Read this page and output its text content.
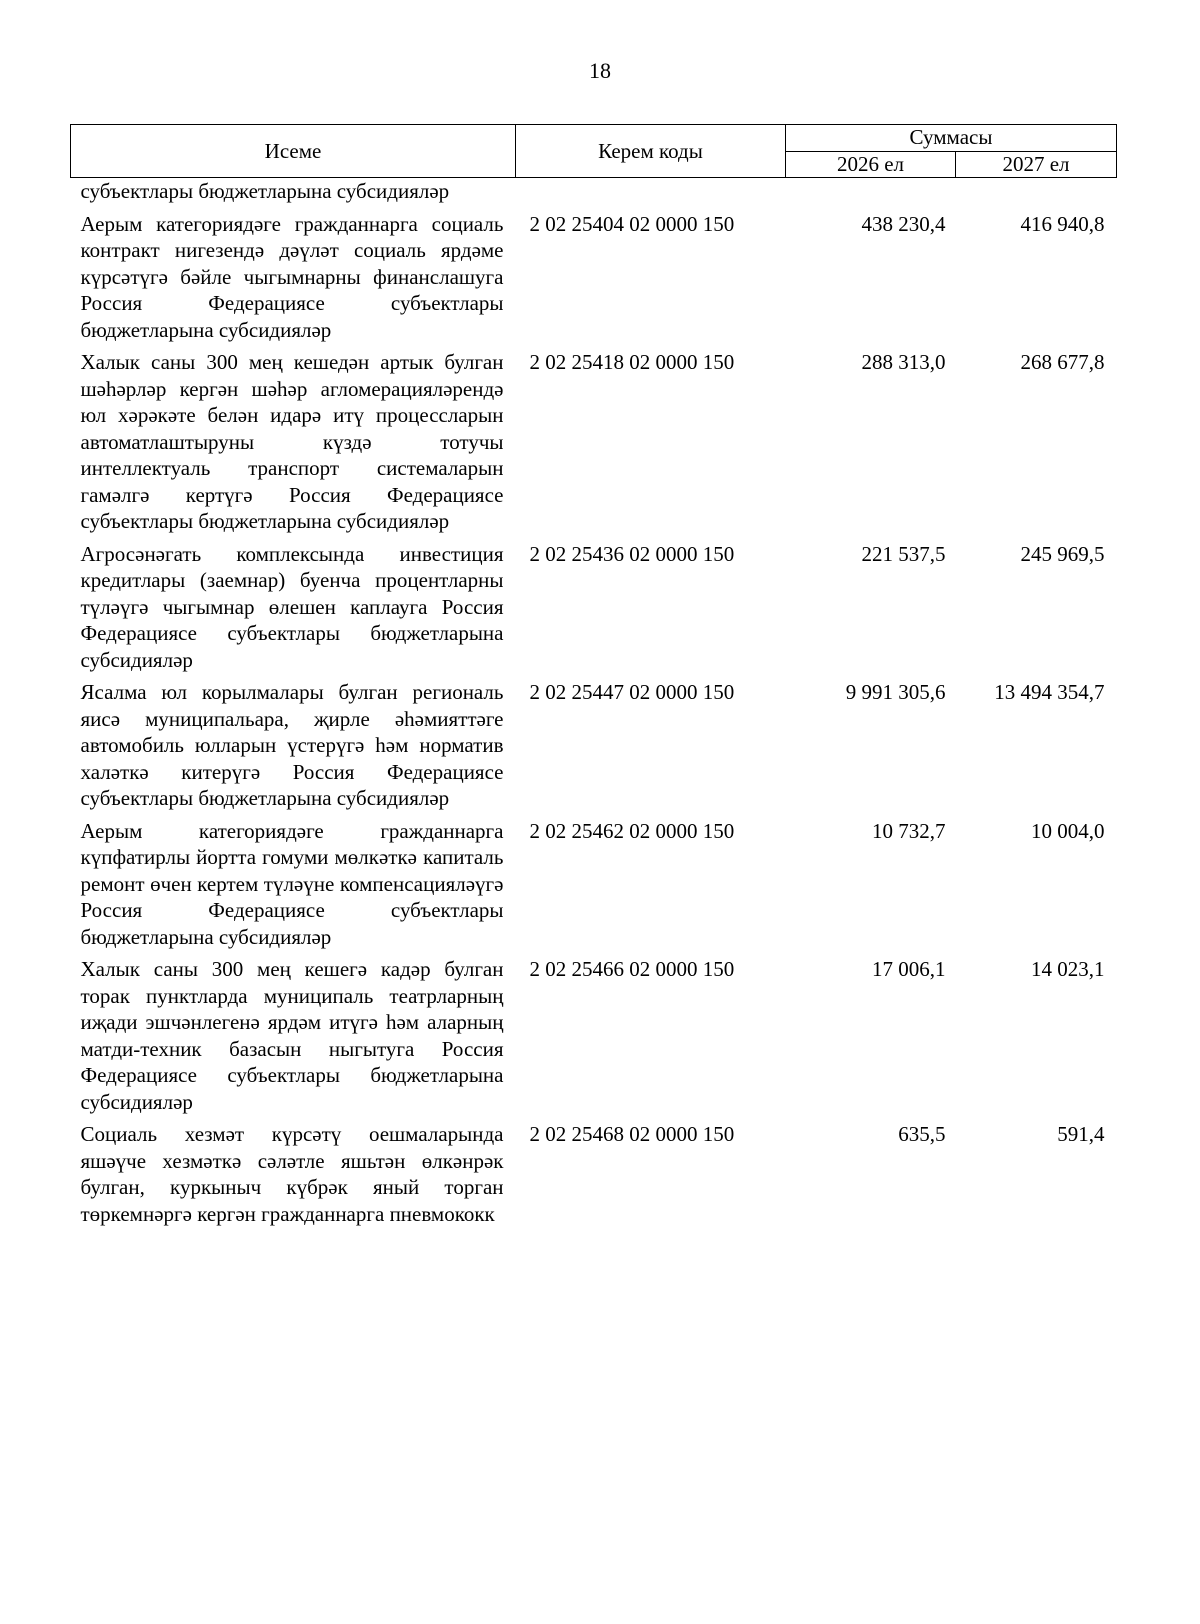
18
Исеме	Керем коды	Суммасы	
		2026 ел	2027 ел
субъектлары бюджетларына субсидияләр			
Аерым категориядәге гражданнарга социаль контракт нигезендә дәүләт социаль ярдәме күрсәтүгә бәйле чыгымнарны финанслашуга Россия Федерациясе субъектлары бюджетларына субсидияләр	2 02 25404 02 0000 150	438 230,4	416 940,8
Халык саны 300 мең кешедән артык булган шәһәрләр кергән шәһәр агломерацияләрендә юл хәрәкәте белән идарә итү процессларын автоматлаштыруны күздә тотучы интеллектуаль транспорт системаларын гамәлгә кертүгә Россия Федерациясе субъектлары бюджетларына субсидияләр	2 02 25418 02 0000 150	288 313,0	268 677,8
Агросәнәгать комплексында инвестиция кредитлары (заемнар) буенча процентларны түләүгә чыгымнар өлешен каплауга Россия Федерациясе субъектлары бюджетларына субсидияләр	2 02 25436 02 0000 150	221 537,5	245 969,5
Ясалма юл корылмалары булган региональ яисә муниципальара, җирле әһәмияттәге автомобиль юлларын үстерүгә һәм норматив халәткә китерүгә Россия Федерациясе субъектлары бюджетларына субсидияләр	2 02 25447 02 0000 150	9 991 305,6	13 494 354,7
Аерым категориядәге гражданнарга күпфатирлы йортта гомуми мөлкәткә капиталь ремонт өчен кертем түләүне компенсацияләүгә Россия Федерациясе субъектлары бюджетларына субсидияләр	2 02 25462 02 0000 150	10 732,7	10 004,0
Халык саны 300 мең кешегә кадәр булган торак пунктларда муниципаль театрларның иҗади эшчәнлегенә ярдәм итүгә һәм аларның матди-техник базасын ныгытуга Россия Федерациясе субъектлары бюджетларына субсидияләр	2 02 25466 02 0000 150	17 006,1	14 023,1
Социаль хезмәт күрсәтү оешмаларында яшәүче хезмәткә сәләтле яшьтән өлкәнрәк булган, куркыныч күбрәк яный торган төркемнәргә кергән гражданнарга пневмококк	2 02 25468 02 0000 150	635,5	591,4
